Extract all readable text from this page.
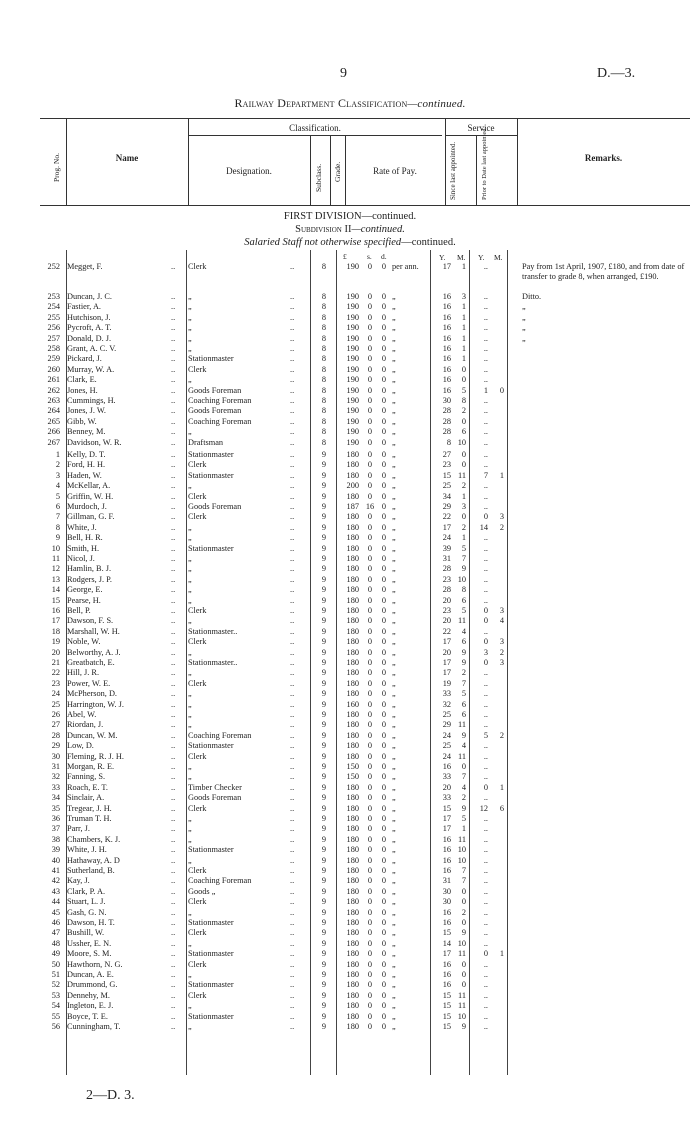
9	D.—3.
Railway Department Classification—continued.
Classification.	Service
Name
Designation.	Rate of Pay.
Remarks.
Prog. No.	Subclass. Grade.	Since last appointed.	Prior to Date last appointed.
FIRST DIVISION—continued.
Subdivision II—continued.
Salaried Staff not otherwise specified—continued.
£	s. d.	Y. M. Y. M.
252 Megget, F.	Clerk	8	190	0	0 per ann.	17	1	..	Pay from 1st April, 1907, £180, and from date of transfer to grade 8, when arranged, £190.
..	..
253 Duncan, J. C.	„	8	190	0	0 „	16	3	..	Ditto.
..	..
254 Fastier, A.	„	8	190	0	0 „	16	1	..	„
..	..
255 Hutchison, J.	„	8	190	0	0 „	16	1	..	„
..	..
256 Pycroft, A. T.	„	8	190	0	0 „	16	1	..	„
..	..
257 Donald, D. J.	„	8	190	0	0 „	16	1	..	„
..	..
258 Grant, A. C. V.	„	8	190	0	0 „	16	1	..
..	..
259 Pickard, J.	Stationmaster	8	190	0	0 „	16	1	..
..	..
260 Murray, W. A.	Clerk	8	190	0	0 „	16	0	..
..	..
261 Clark, E.	„	8	190	0	0 „	16	0	..
..	..
262 Jones, H.	Goods Foreman	8	190	0	0 „	16	5	1	0
..	..
263 Cummings, H.	Coaching Foreman	8	190	0	0 „	30	8	..
..	..
264 Jones, J. W.	Goods Foreman	8	190	0	0 „	28	2	..
..	..
265 Gibb, W.	Coaching Foreman	8	190	0	0 „	28	0	..
..	..
266 Benney, M.	„	8	190	0	0 „	28	6	..
..	..
267 Davidson, W. R.	Draftsman	8	190	0	0 „	8 10	..
..	..
1 Kelly, D. T.	Stationmaster	9	180	0	0 „	27	0	..
..	..
2 Ford, H. H.	Clerk	9	180	0	0 „	23	0	..
..	..
3 Haden, W.	Stationmaster	9	180	0	0 „	15 11	7	1
..	..
4 McKellar, A.	„	9	200	0	0 „	25	2	..
..	..
5 Griffin, W. H.	Clerk	9	180	0	0 „	34	1	..
..	..
6 Murdoch, J.	Goods Foreman	9	187 16 0 „	29	3	..
..	..
7 Gillman, G. F.	Clerk	9	180	0	0 „	22	0	0	3
..	..
8 White, J.	„	9	180	0	0 „	17	2	14	2
..	..
9 Bell, H. R.	„	9	180	0	0 „	24	1	..
..	..
10 Smith, H.	Stationmaster	9	180	0	0 „	39	5	..
..	..
11 Nicol, J.	„	9	180	0	0 „	31	7	..
..	..
12 Hamlin, B. J.	„	9	180	0	0 „	28	9	..
..	..
13 Rodgers, J. P.	„	9	180	0	0 „	23 10	..
..	..
14 George, E.	„	9	180	0	0 „	28	8	..
..	..
15 Pearse, H.	„	9	180	0	0 „	20	6	..
..	..
16 Bell, P.	Clerk	9	180	0	0 „	23	5	0	3
..	..
17 Dawson, F. S.	„	9	180	0	0 „	20 11	0	4
..	..
18 Marshall, W. H.	Stationmaster..	9	180	0	0 „	22	4	..
..	..
19 Noble, W.	Clerk	9	180	0	0 „	17	6	0	3
..	..
20 Belworthy, A. J.	„	9	180	0	0 „	20	9	3	2
..	..
21 Greatbatch, E.	Stationmaster..	9	180	0	0 „	17	9	0	3
..	..
22 Hill, J. R.	„	9	180	0	0 „	17	2	..
..	..
23 Power, W. E.	Clerk	9	180	0	0 „	19	7	..
..	..
24 McPherson, D.	„	9	180	0	0 „	33	5	..
..	..
25 Harrington, W. J.	„	9	160	0	0 „	32	6	..
..	..
26 Abel, W.	„	9	180	0	0 „	25	6	..
..	..
27 Riordan, J.	„	9	180	0	0 „	29 11	..
..	..
28 Duncan, W. M.	Coaching Foreman	9	180	0	0 „	24	9	5	2
..	..
29 Low, D.	Stationmaster	9	180	0	0 „	25	4	..
..	..
30 Fleming, R. J. H.	Clerk	9	180	0	0 „	24 11	..
..	..
31 Morgan, R. E.	„	9	150	0	0 „	16	0	..
..	..
32 Fanning, S.	„	9	150	0	0 „	33	7	..
..	..
33 Roach, E. T.	Timber Checker	9	180	0	0 „	20	4	0	1
..	..
34 Sinclair, A.	Goods Foreman	9	180	0	0 „	33	2	..
..	..
35 Tregear, J. H.	Clerk	9	180	0	0 „	15	9	12	6
..	..
36 Truman T. H.	„	9	180	0	0 „	17	5	..
..	..
37 Parr, J.	„	9	180	0	0 „	17	1	..
..	..
38 Chambers, K. J.	„	9	180	0	0 „	16 11	..
..	..
39 White, J. H.	Stationmaster	9	180	0	0 „	16 10	..
..	..
40 Hathaway, A. D	„	9	180	0	0 „	16 10	..
..	..
41 Sutherland, B.	Clerk	9	180	0	0 „	16	7	..
..	..
42 Kay, J.	Coaching Foreman	9	180	0	0 „	31	7	..
..	..
43 Clark, P. A.	Goods „	9	180	0	0 „	30	0	..
..	..
44 Stuart, L. J.	Clerk	9	180	0	0 „	30	0	..
..	..
45 Gash, G. N.	„	9	180	0	0 „	16	2	..
..	..
46 Dawson, H. T.	Stationmaster	9	180	0	0 „	16	0	..
..	..
47 Bushill, W.	Clerk	9	180	0	0 „	15	9	..
..	..
48 Ussher, E. N.	„	9	180	0	0 „	14 10	..
..	..
49 Moore, S. M.	Stationmaster	9	180	0	0 „	17 11	0	1
..	..
50 Hawthorn, N. G.	Clerk	9	180	0	0 „	16	0	..
..	..
51 Duncan, A. E.	„	9	180	0	0 „	16	0	..
..	..
52 Drummond, G.	Stationmaster	9	180	0	0 „	16	0	..
..	..
53 Dennehy, M.	Clerk	9	180	0	0 „	15 11	..
..	..
54 Ingleton, E. J.	„	9	180	0	0 „	15 11	..
..	..
55 Boyce, T. E.	Stationmaster	9	180	0	0 „	15 10	..
..	..
56 Cunningham, T.	„	9	180	0	0 „	15	9	..
..	..
2—D. 3.
